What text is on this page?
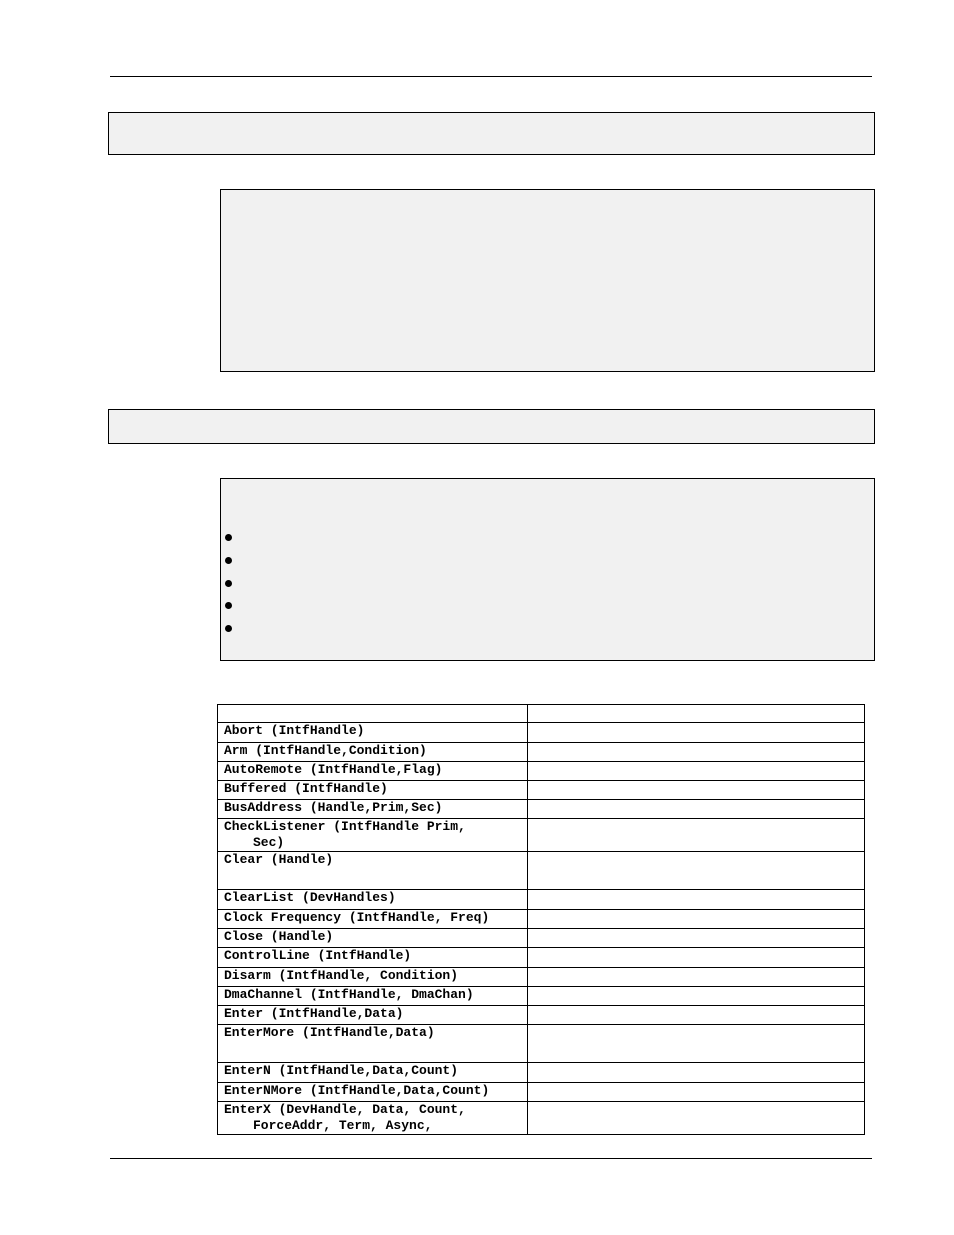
Abort (IntfHandle)	
Arm (IntfHandle,Condition)	
AutoRemote (IntfHandle,Flag)	
Buffered (IntfHandle)	
BusAddress (Handle,Prim,Sec)	
CheckListener (IntfHandle Prim,
Sec)	

Clear (Handle)	
ClearList (DevHandles)	
Clock Frequency (IntfHandle, Freq)	
Close (Handle)	
ControlLine (IntfHandle)	
Disarm (IntfHandle, Condition)	
DmaChannel (IntfHandle, DmaChan)	
Enter (IntfHandle,Data)	
EnterMore (IntfHandle,Data)	
EnterN (IntfHandle,Data,Count)	
EnterNMore (IntfHandle,Data,Count)	
EnterX (DevHandle, Data, Count,
ForceAddr, Term, Async,	
